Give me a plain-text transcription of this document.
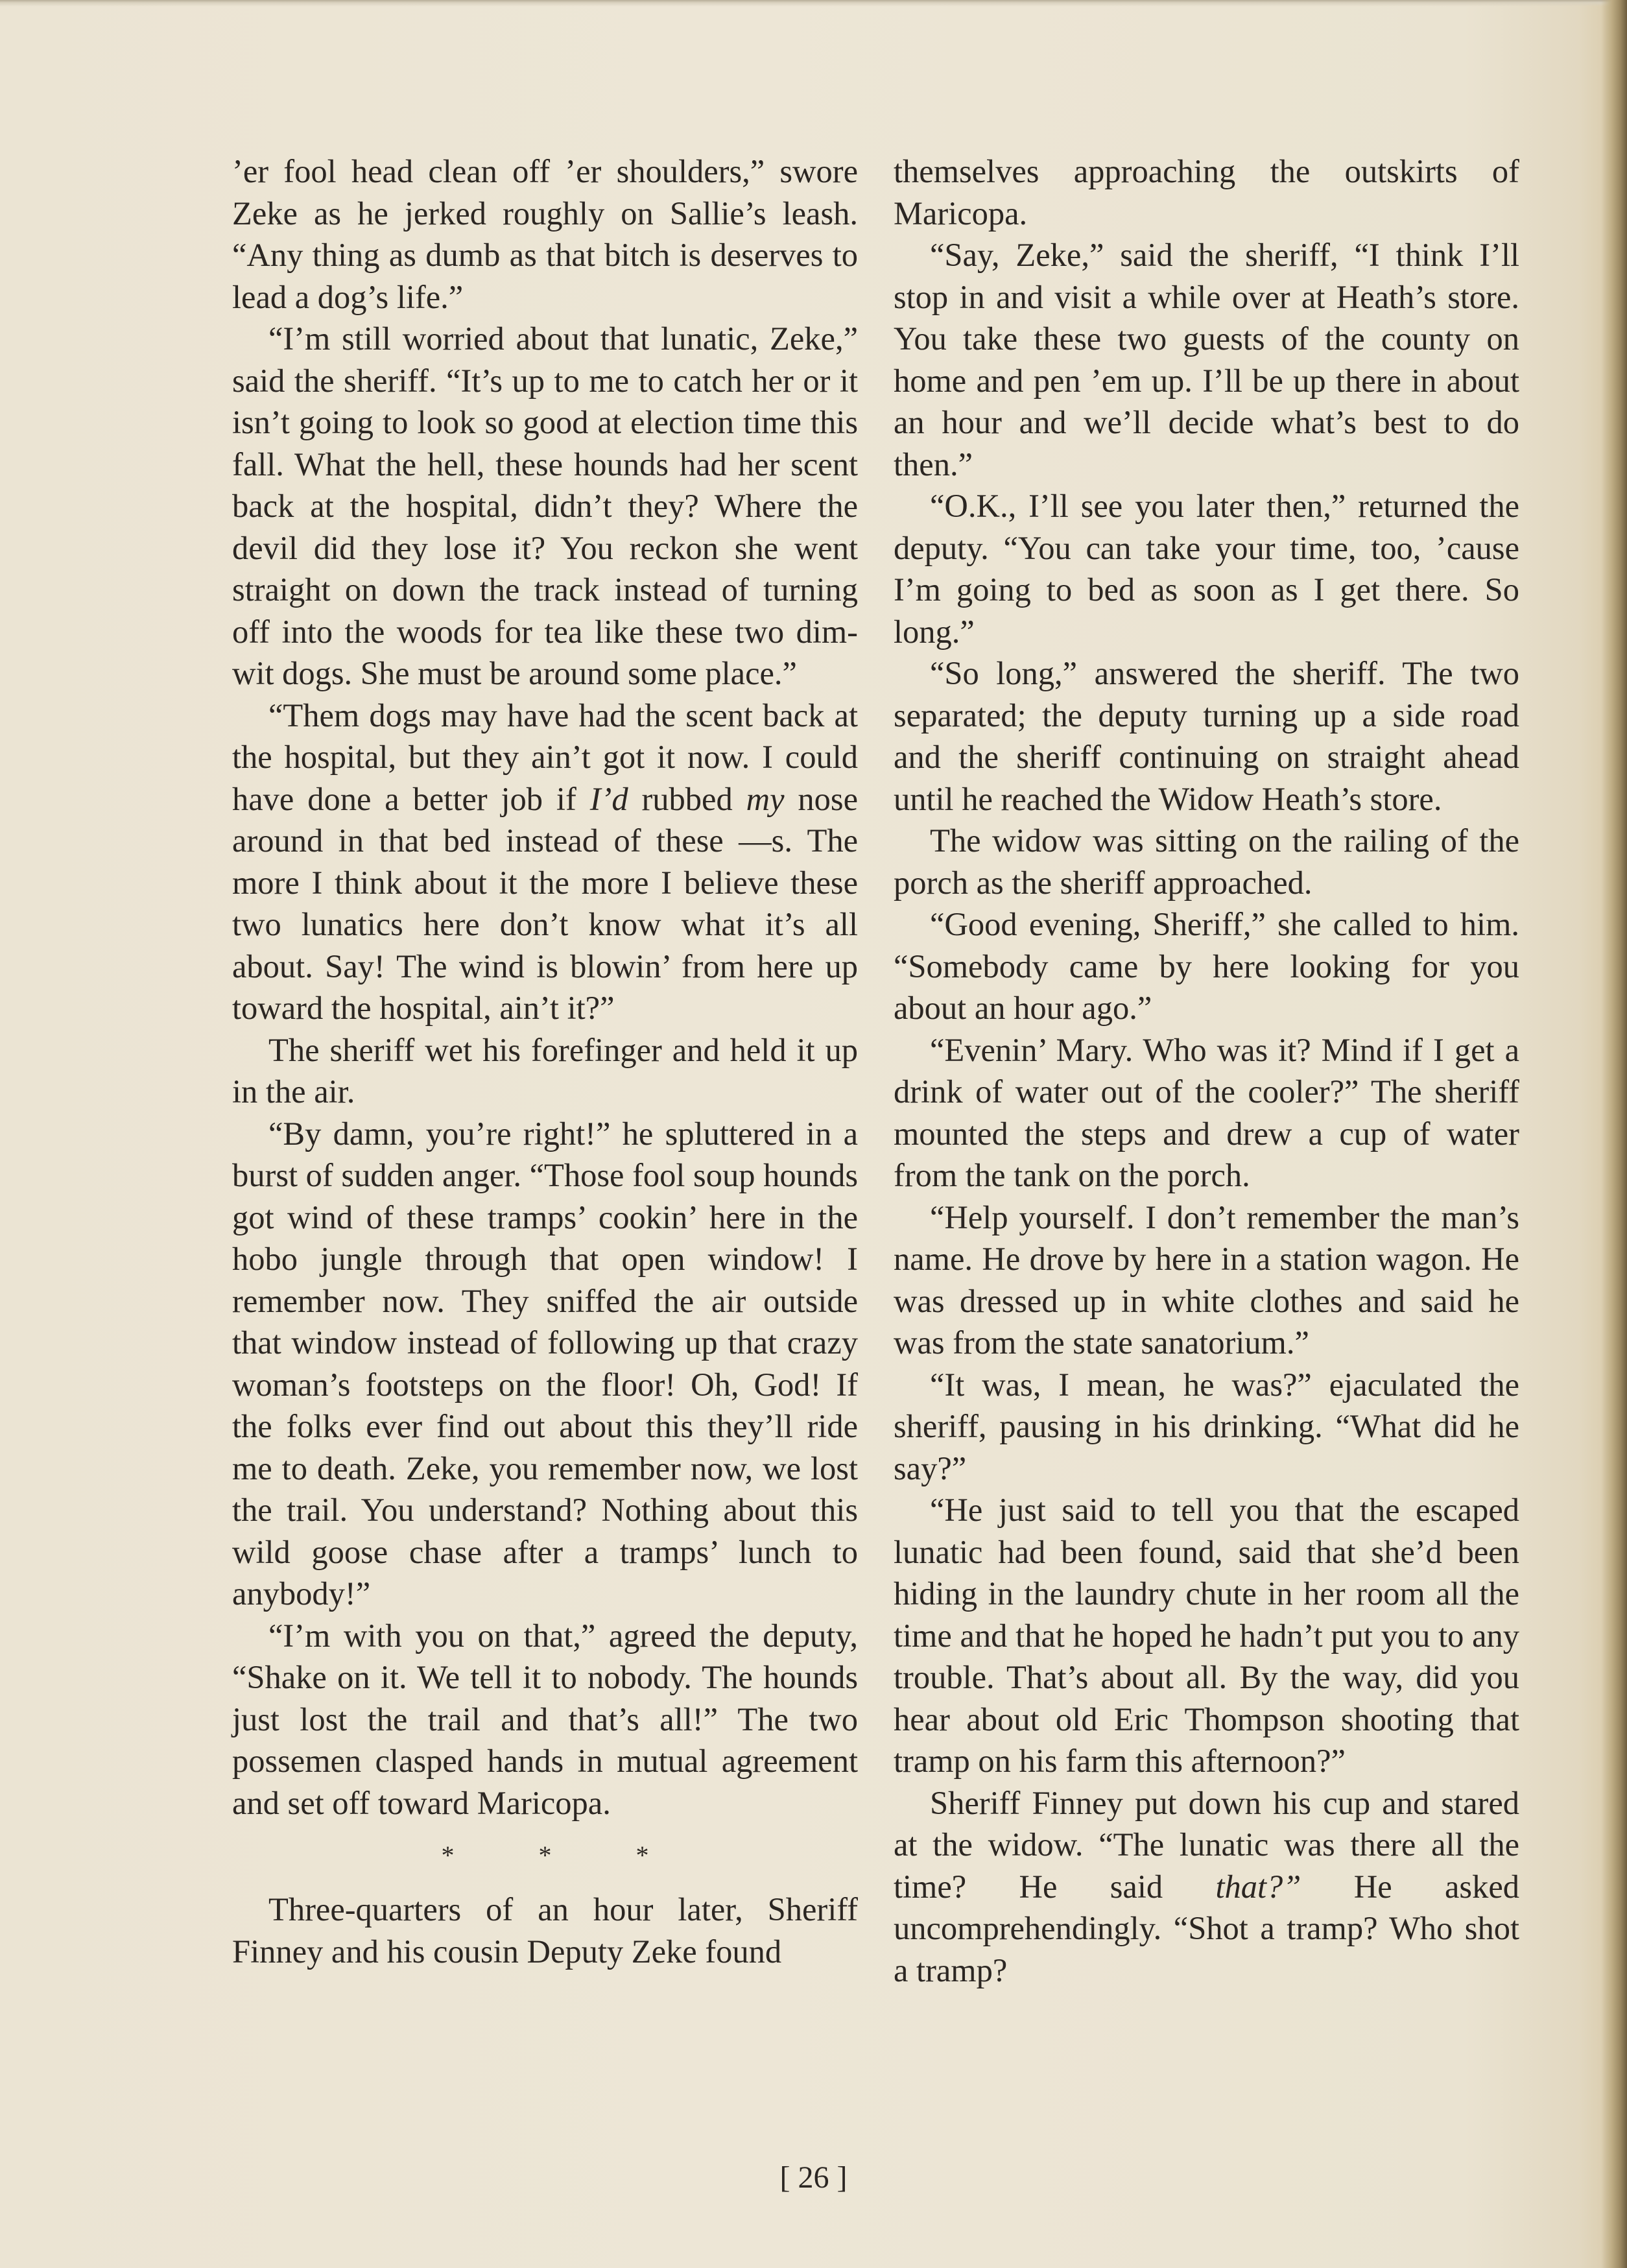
’er fool head clean off ’er shoulders,” swore Zeke as he jerked roughly on Sallie’s leash. “Any thing as dumb as that bitch is deserves to lead a dog’s life.”

“I’m still worried about that lunatic, Zeke,” said the sheriff. “It’s up to me to catch her or it isn’t going to look so good at election time this fall. What the hell, these hounds had her scent back at the hospital, didn’t they? Where the devil did they lose it? You reckon she went straight on down the track instead of turning off into the woods for tea like these two dim-wit dogs. She must be around some place.”

“Them dogs may have had the scent back at the hospital, but they ain’t got it now. I could have done a better job if I’d rubbed my nose around in that bed instead of these —s. The more I think about it the more I believe these two lunatics here don’t know what it’s all about. Say! The wind is blowin’ from here up toward the hospital, ain’t it?”

The sheriff wet his forefinger and held it up in the air.

“By damn, you’re right!” he spluttered in a burst of sudden anger. “Those fool soup hounds got wind of these tramps’ cookin’ here in the hobo jungle through that open window! I remember now. They sniffed the air outside that window instead of following up that crazy woman’s footsteps on the floor! Oh, God! If the folks ever find out about this they’ll ride me to death. Zeke, you remember now, we lost the trail. You understand? Nothing about this wild goose chase after a tramps’ lunch to anybody!”

“I’m with you on that,” agreed the deputy, “Shake on it. We tell it to nobody. The hounds just lost the trail and that’s all!” The two possemen clasped hands in mutual agreement and set off toward Maricopa.

* * *

Three-quarters of an hour later, Sheriff Finney and his cousin Deputy Zeke found

themselves approaching the outskirts of Maricopa.

“Say, Zeke,” said the sheriff, “I think I’ll stop in and visit a while over at Heath’s store. You take these two guests of the county on home and pen ’em up. I’ll be up there in about an hour and we’ll decide what’s best to do then.”

“O.K., I’ll see you later then,” returned the deputy. “You can take your time, too, ’cause I’m going to bed as soon as I get there. So long.”

“So long,” answered the sheriff. The two separated; the deputy turning up a side road and the sheriff continuing on straight ahead until he reached the Widow Heath’s store.

The widow was sitting on the railing of the porch as the sheriff approached.

“Good evening, Sheriff,” she called to him. “Somebody came by here looking for you about an hour ago.”

“Evenin’ Mary. Who was it? Mind if I get a drink of water out of the cooler?” The sheriff mounted the steps and drew a cup of water from the tank on the porch.

“Help yourself. I don’t remember the man’s name. He drove by here in a station wagon. He was dressed up in white clothes and said he was from the state sanatorium.”

“It was, I mean, he was?” ejaculated the sheriff, pausing in his drinking. “What did he say?”

“He just said to tell you that the escaped lunatic had been found, said that she’d been hiding in the laundry chute in her room all the time and that he hoped he hadn’t put you to any trouble. That’s about all. By the way, did you hear about old Eric Thompson shooting that tramp on his farm this afternoon?”

Sheriff Finney put down his cup and stared at the widow. “The lunatic was there all the time? He said that?” He asked uncomprehendingly. “Shot a tramp? Who shot a tramp?

[ 26 ]
